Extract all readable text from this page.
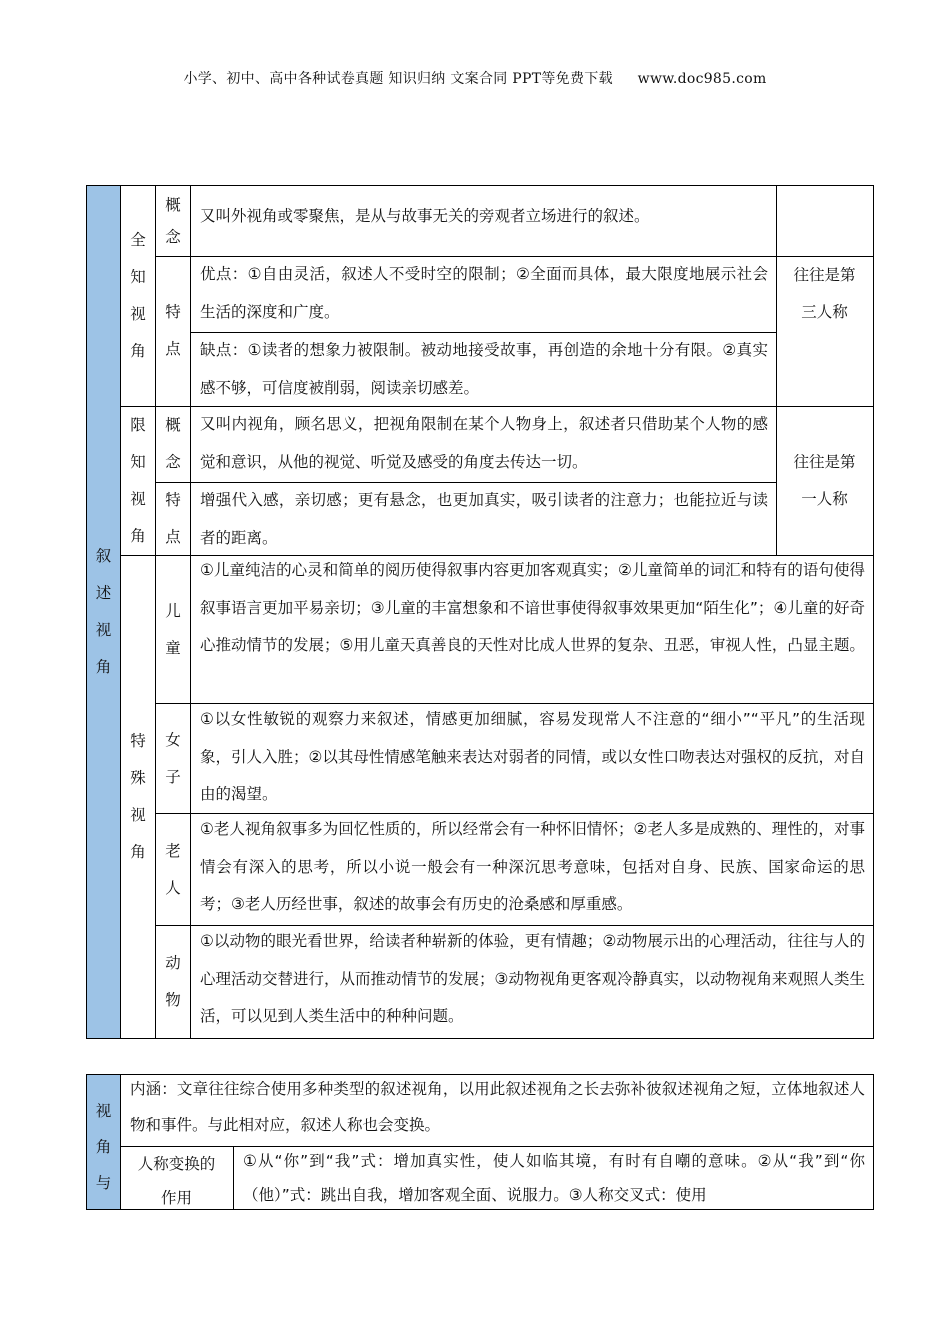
小学、初中、高中各种试卷真题 知识归纳 文案合同 PPT等免费下载 www.doc985.com
叙述视角
全知视角
概念
又叫外视角或零聚焦，是从与故事无关的旁观者立场进行的叙述。
特点
优点：①自由灵活，叙述人不受时空的限制；②全面而具体，最大限度地展示社会生活的深度和广度。
缺点：①读者的想象力被限制。被动地接受故事，再创造的余地十分有限。②真实感不够，可信度被削弱，阅读亲切感差。
往往是第三人称
限知视角
概念
又叫内视角，顾名思义，把视角限制在某个人物身上，叙述者只借助某个人物的感觉和意识，从他的视觉、听觉及感受的角度去传达一切。
特点
增强代入感，亲切感；更有悬念，也更加真实，吸引读者的注意力；也能拉近与读者的距离。
往往是第一人称
特殊视角
儿童
①儿童纯洁的心灵和简单的阅历使得叙事内容更加客观真实；②儿童简单的词汇和特有的语句使得叙事语言更加平易亲切；③儿童的丰富想象和不谙世事使得叙事效果更加“陌生化”；④儿童的好奇心推动情节的发展；⑤用儿童天真善良的天性对比成人世界的复杂、丑恶，审视人性，凸显主题。
女子
①以女性敏锐的观察力来叙述，情感更加细腻，容易发现常人不注意的“细小”“平凡”的生活现象，引人入胜；②以其母性情感笔触来表达对弱者的同情，或以女性口吻表达对强权的反抗，对自由的渴望。
老人
①老人视角叙事多为回忆性质的，所以经常会有一种怀旧情怀；②老人多是成熟的、理性的，对事情会有深入的思考，所以小说一般会有一种深沉思考意味，包括对自身、民族、国家命运的思考；③老人历经世事，叙述的故事会有历史的沧桑感和厚重感。
动物
①以动物的眼光看世界，给读者种崭新的体验，更有情趣；②动物展示出的心理活动，往往与人的心理活动交替进行，从而推动情节的发展；③动物视角更客观冷静真实，以动物视角来观照人类生活，可以见到人类生活中的种种问题。
视角与
内涵：文章往往综合使用多种类型的叙述视角，以用此叙述视角之长去弥补彼叙述视角之短，立体地叙述人物和事件。与此相对应，叙述人称也会变换。
人称变换的作用
①从“你”到“我”式：增加真实性，使人如临其境，有时有自嘲的意味。②从“我”到“你（他）”式：跳出自我，增加客观全面、说服力。③人称交叉式：使用
